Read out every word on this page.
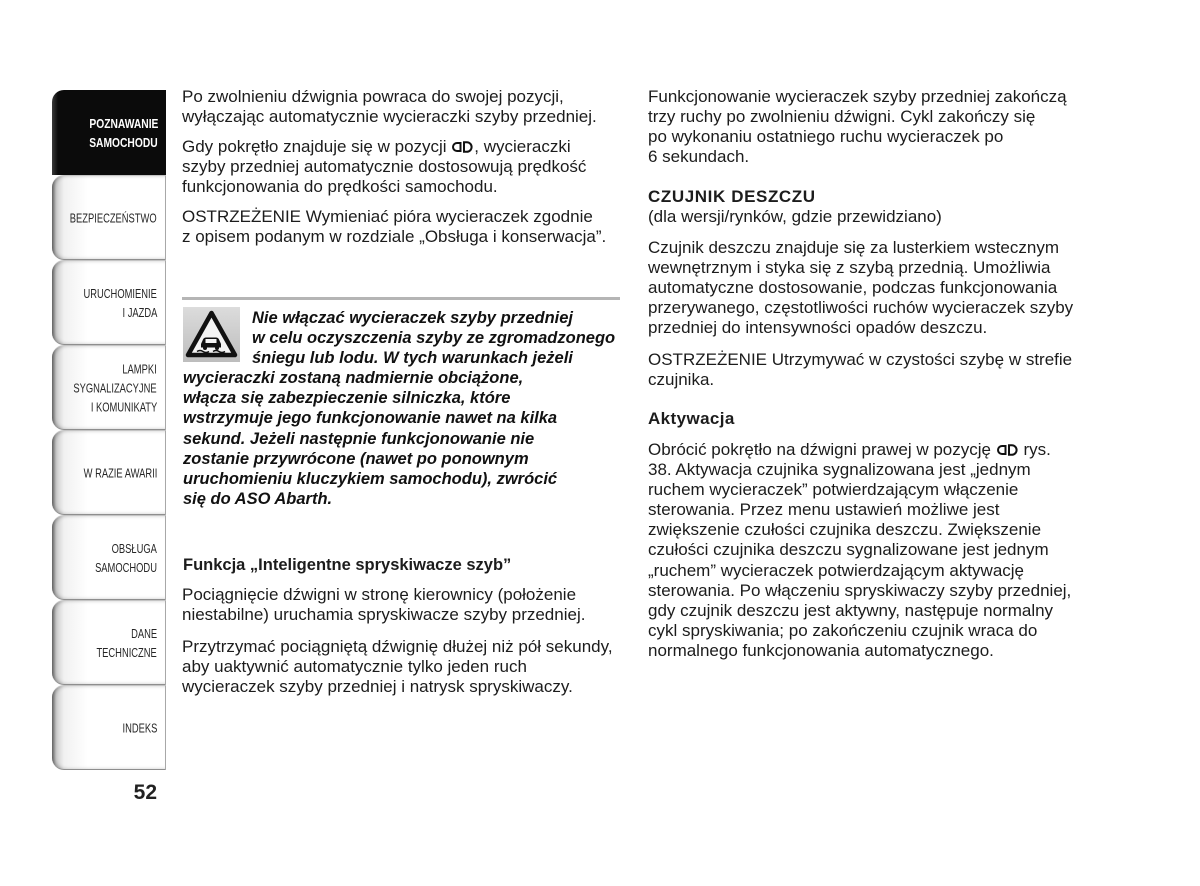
POZNAWANIE
SAMOCHODU
BEZPIECZEŃSTWO
URUCHOMIENIE
I JAZDA
LAMPKI
SYGNALIZACYJNE
I KOMUNIKATY
W RAZIE AWARII
OBSŁUGA
SAMOCHODU
DANE
TECHNICZNE
INDEKS
52
Po zwolnieniu dźwignia powraca do swojej pozycji,
wyłączając automatycznie wycieraczki szyby przedniej.
Gdy pokrętło znajduje się w pozycji , wycieraczki
szyby przedniej automatycznie dostosowują prędkość
funkcjonowania do prędkości samochodu.
OSTRZEŻENIE Wymieniać pióra wycieraczek zgodnie
z opisem podanym w rozdziale „Obsługa i konserwacja”.
Nie włączać wycieraczek szyby przedniej
w celu oczyszczenia szyby ze zgromadzonego
śniegu lub lodu. W tych warunkach jeżeli
wycieraczki zostaną nadmiernie obciążone,
włącza się zabezpieczenie silniczka, które
wstrzymuje jego funkcjonowanie nawet na kilka
sekund. Jeżeli następnie funkcjonowanie nie
zostanie przywrócone (nawet po ponownym
uruchomieniu kluczykiem samochodu), zwrócić
się do ASO Abarth.
Funkcja „Inteligentne spryskiwacze szyb”
Pociągnięcie dźwigni w stronę kierownicy (położenie
niestabilne) uruchamia spryskiwacze szyby przedniej.
Przytrzymać pociągniętą dźwignię dłużej niż pół sekundy,
aby uaktywnić automatycznie tylko jeden ruch
wycieraczek szyby przedniej i natrysk spryskiwaczy.
Funkcjonowanie wycieraczek szyby przedniej zakończą
trzy ruchy po zwolnieniu dźwigni. Cykl zakończy się
po wykonaniu ostatniego ruchu wycieraczek po
6 sekundach.
CZUJNIK DESZCZU
(dla wersji/rynków, gdzie przewidziano)
Czujnik deszczu znajduje się za lusterkiem wstecznym
wewnętrznym i styka się z szybą przednią. Umożliwia
automatyczne dostosowanie, podczas funkcjonowania
przerywanego, częstotliwości ruchów wycieraczek szyby
przedniej do intensywności opadów deszczu.
OSTRZEŻENIE Utrzymywać w czystości szybę w strefie
czujnika.
Aktywacja
Obrócić pokrętło na dźwigni prawej w pozycję  rys.
38. Aktywacja czujnika sygnalizowana jest „jednym
ruchem wycieraczek” potwierdzającym włączenie
sterowania. Przez menu ustawień możliwe jest
zwiększenie czułości czujnika deszczu. Zwiększenie
czułości czujnika deszczu sygnalizowane jest jednym
„ruchem” wycieraczek potwierdzającym aktywację
sterowania. Po włączeniu spryskiwaczy szyby przedniej,
gdy czujnik deszczu jest aktywny, następuje normalny
cykl spryskiwania; po zakończeniu czujnik wraca do
normalnego funkcjonowania automatycznego.
